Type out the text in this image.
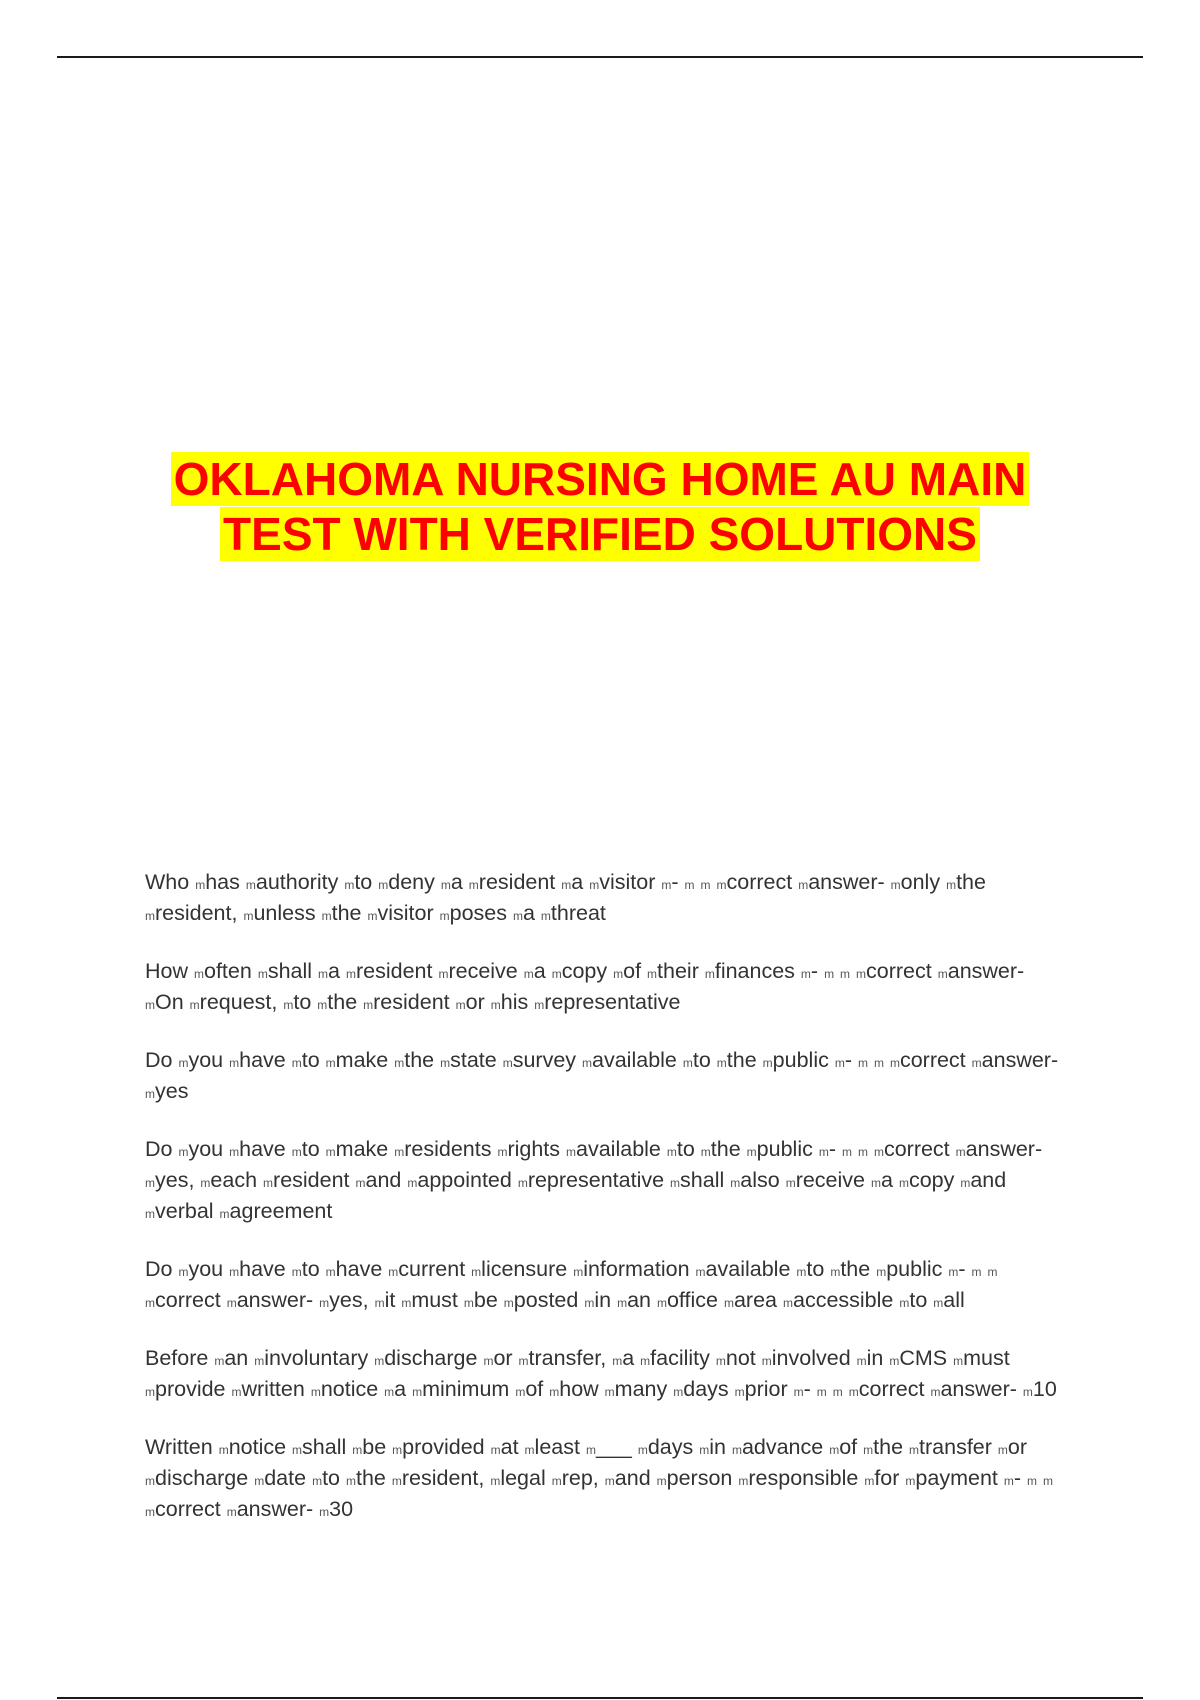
OKLAHOMA NURSING HOME AU MAIN
TEST WITH VERIFIED SOLUTIONS

Who mhas mauthority mto mdeny ma mresident ma mvisitor m- m m mcorrect manswer- monly mthe mresident, munless mthe mvisitor mposes ma mthreat

How moften mshall ma mresident mreceive ma mcopy mof mtheir mfinances m- m m mcorrect manswer- mOn mrequest, mto mthe mresident mor mhis mrepresentative

Do myou mhave mto mmake mthe mstate msurvey mavailable mto mthe mpublic m- m m mcorrect manswer- myes

Do myou mhave mto mmake mresidents mrights mavailable mto mthe mpublic m- m m mcorrect manswer- myes, meach mresident mand mappointed mrepresentative mshall malso mreceive ma mcopy mand mverbal magreement

Do myou mhave mto mhave mcurrent mlicensure minformation mavailable mto mthe mpublic m- m m mcorrect manswer- myes, mit mmust mbe mposted min man moffice marea maccessible mto mall

Before man minvoluntary mdischarge mor mtransfer, ma mfacility mnot minvolved min mCMS mmust mprovide mwritten mnotice ma mminimum mof mhow mmany mdays mprior m- m m mcorrect manswer- m10

Written mnotice mshall mbe mprovided mat mleast m___ mdays min madvance mof mthe mtransfer mor mdischarge mdate mto mthe mresident, mlegal mrep, mand mperson mresponsible mfor mpayment m- m m mcorrect manswer- m30
